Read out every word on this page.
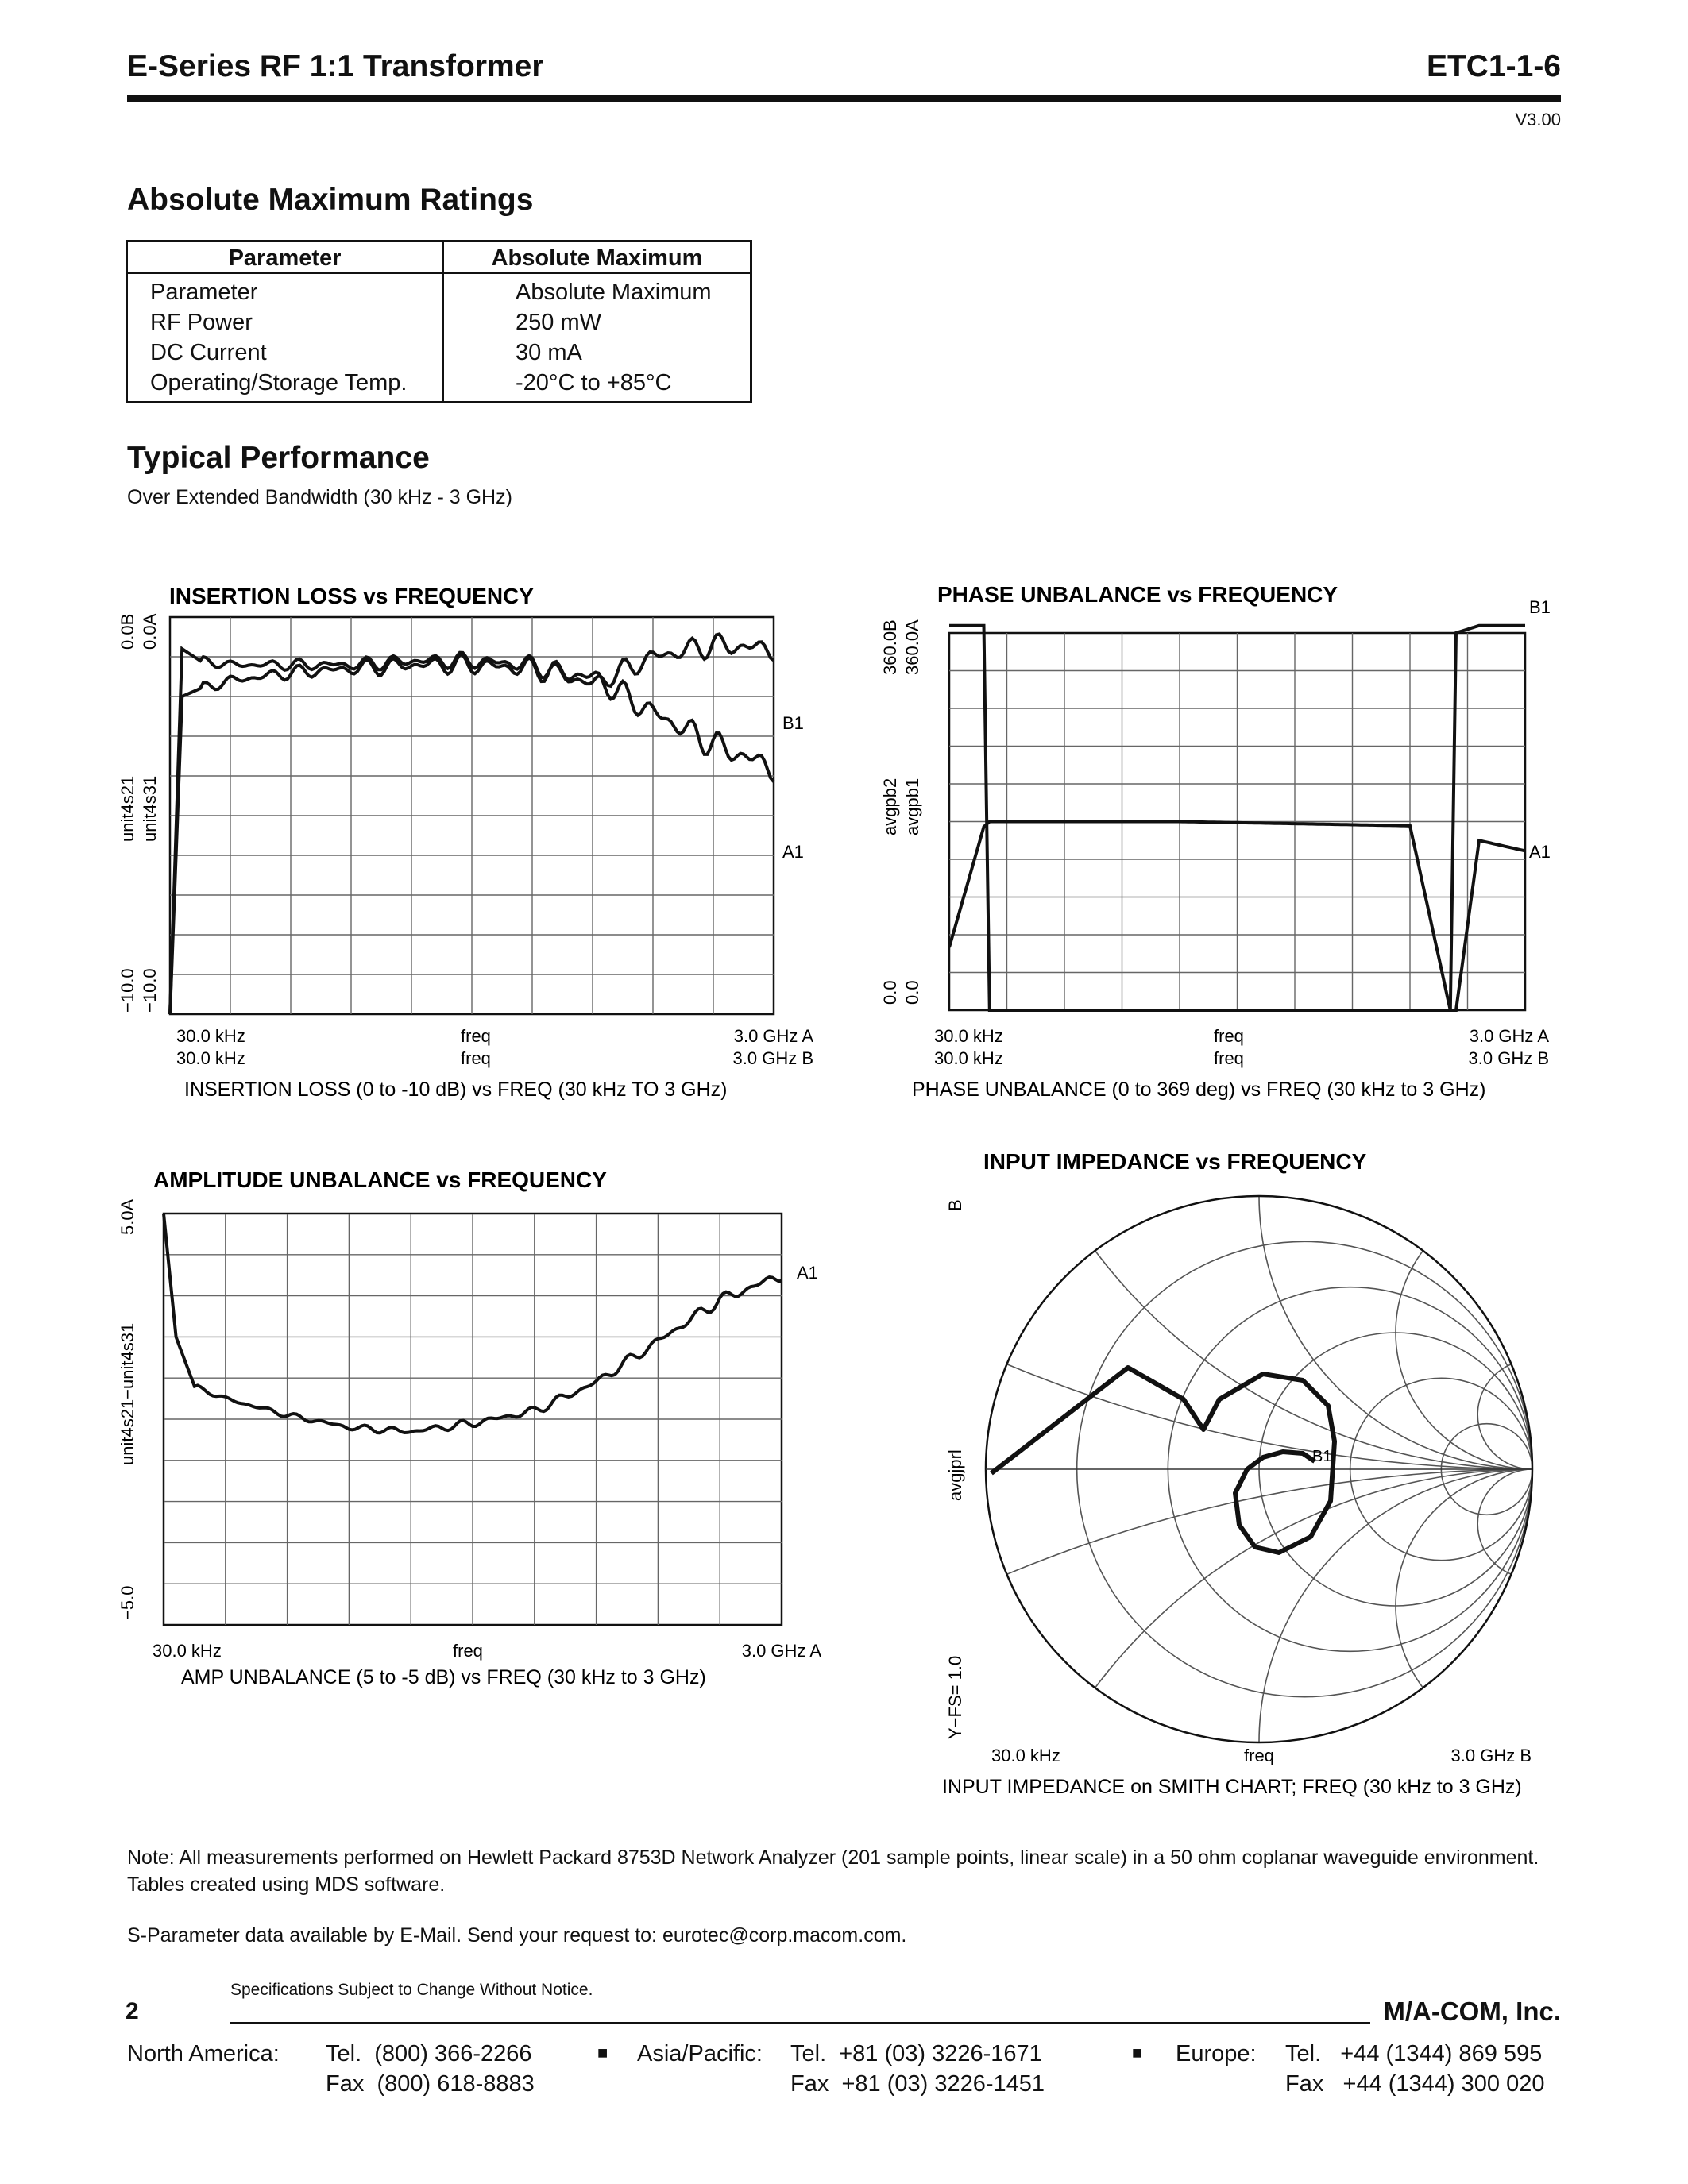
E-Series RF 1:1 Transformer	ETC1-1-6
V3.00
Absolute Maximum Ratings
Parameter	Absolute Maximum
Parameter	Absolute Maximum
RF Power	250 mW
DC Current	30 mA
Operating/Storage Temp.	-20°C to +85°C
Typical Performance
Over Extended Bandwidth (30 kHz - 3 GHz)
INSERTION LOSS vs FREQUENCY
0.0B 0.0A
unit4s21 unit4s31
−10.0 −10.0
B1
A1
30.0 kHz
30.0 kHz
freq
freq
3.0 GHz A
3.0 GHz B
INSERTION LOSS (0 to -10 dB) vs FREQ (30 kHz TO 3 GHz)
PHASE UNBALANCE vs FREQUENCY
360.0B 360.0A
avgpb2 avgpb1
0.0 0.0
B1
A1
30.0 kHz
30.0 kHz
freq
freq
3.0 GHz A
3.0 GHz B
PHASE UNBALANCE (0 to 369 deg) vs FREQ (30 kHz to 3 GHz)
AMPLITUDE UNBALANCE vs FREQUENCY
5.0A
unit4s21−unit4s31
−5.0
A1
30.0 kHz	freq	3.0 GHz A
AMP UNBALANCE (5 to -5 dB) vs FREQ (30 kHz to 3 GHz)
INPUT IMPEDANCE vs FREQUENCY
B
avgjprl
Y−FS= 1.0
B1
30.0 kHz	freq	3.0 GHz B
INPUT IMPEDANCE on SMITH CHART; FREQ (30 kHz to 3 GHz)
Note: All measurements performed on Hewlett Packard 8753D Network Analyzer (201 sample points, linear scale) in a 50 ohm coplanar waveguide environment. Tables created using MDS software.
S-Parameter data available by E-Mail. Send your request to: eurotec@corp.macom.com.
Specifications Subject to Change Without Notice.
2	M/A-COM, Inc.
North America: Tel.  (800) 366-2266
Fax  (800) 618-8883
■ Asia/Pacific: Tel.  +81 (03) 3226-1671
Fax  +81 (03) 3226-1451
■ Europe: Tel.   +44 (1344) 869 595
Fax   +44 (1344) 300 020
